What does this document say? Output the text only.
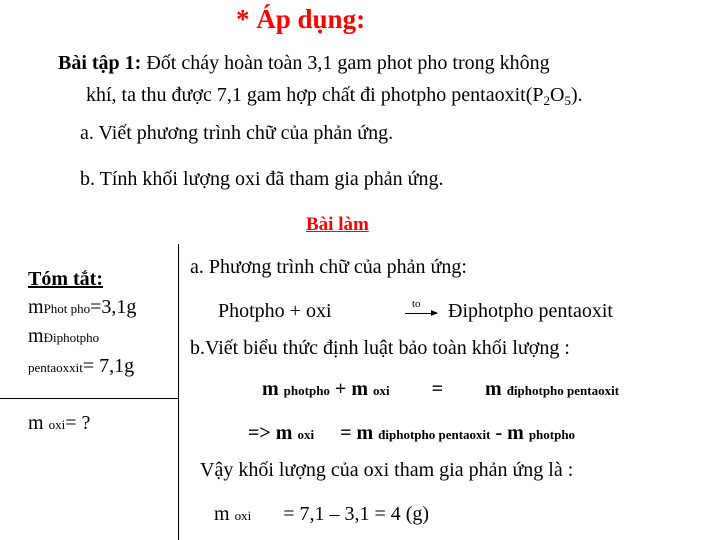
* Áp dụng:
Bài tập 1: Đốt cháy hoàn toàn 3,1 gam phot pho trong không
khí, ta thu được 7,1 gam hợp chất đi photpho $pentaoxit(P_2O_5)$.
a. Viết phương trình chữ của phản ứng.
b. Tính khối lượng oxi đã tham gia phản ứng.
Bài làm
Tóm tắt:
mPhot pho=3,1g
mĐiphotpho
pentaoxxit= 7,1g
m oxi= ?
a. Phương trình chữ của phản ứng:
Photpho + oxi	to → Điphotpho pentaoxit
b.Viết biểu thức định luật bảo toàn khối lượng :
m photpho + m oxi = m điphotpho pentaoxit
=> m oxi = m điphotpho pentaoxit - m photpho
Vậy khối lượng của oxi tham gia phản ứng là :
m oxi = 7,1 – 3,1 = 4 (g)
